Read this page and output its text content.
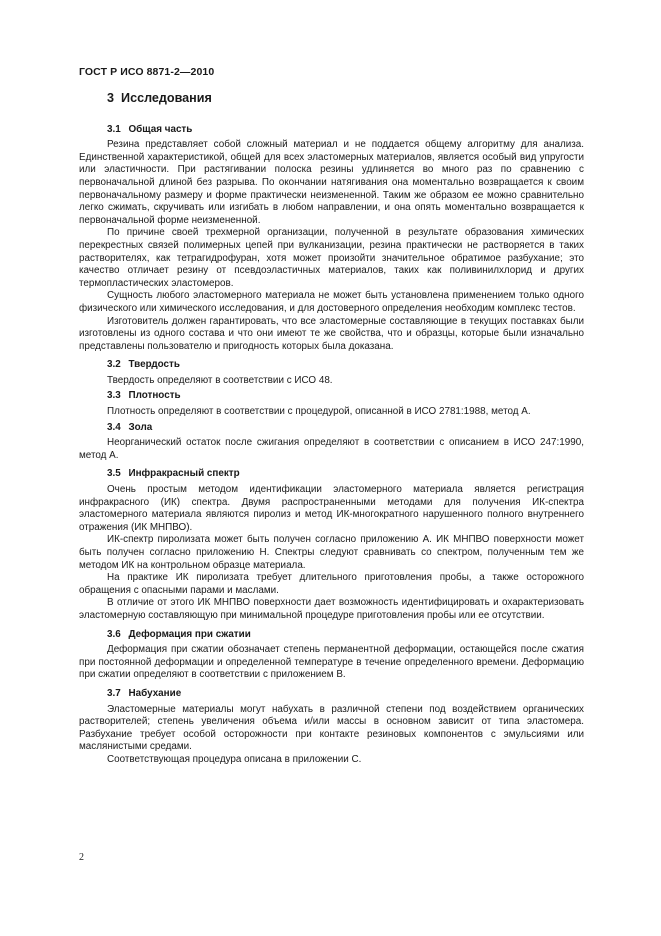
ГОСТ Р ИСО 8871-2—2010
3 Исследования
3.1 Общая часть

Резина представляет собой сложный материал и не поддается общему алгоритму для анализа. Единственной характеристикой, общей для всех эластомерных материалов, является особый вид упругости или эластичности. При растягивании полоска резины удлиняется во много раз по сравнению с первоначальной длиной без разрыва. По окончании натягивания она моментально возвращается к своим первоначальному размеру и форме практически неизмененной. Таким же образом ее можно сравнительно легко сжимать, скручивать или изгибать в любом направлении, и она опять моментально возвращается к первоначальной форме неизмененной.

По причине своей трехмерной организации, полученной в результате образования химических перекрестных связей полимерных цепей при вулканизации, резина практически не растворяется в таких растворителях, как тетрагидрофуран, хотя может произойти значительное обратимое разбухание; это качество отличает резину от псевдоэластичных материалов, таких как поливинилхлорид и других термопластических эластомеров.

Сущность любого эластомерного материала не может быть установлена применением только одного физического или химического исследования, и для достоверного определения необходим комплекс тестов.

Изготовитель должен гарантировать, что все эластомерные составляющие в текущих поставках были изготовлены из одного состава и что они имеют те же свойства, что и образцы, которые были изначально представлены пользователю и пригодность которых была доказана.

3.2 Твердость

Твердость определяют в соответствии с ИСО 48.

3.3 Плотность

Плотность определяют в соответствии с процедурой, описанной в ИСО 2781:1988, метод А.

3.4 Зола

Неорганический остаток после сжигания определяют в соответствии с описанием в ИСО 247:1990, метод А.

3.5 Инфракрасный спектр

Очень простым методом идентификации эластомерного материала является регистрация инфракрасного (ИК) спектра. Двумя распространенными методами для получения ИК-спектра эластомерного материала являются пиролиз и метод ИК-многократного нарушенного полного внутреннего отражения (ИК МНПВО).

ИК-спектр пиролизата может быть получен согласно приложению А. ИК МНПВО поверхности может быть получен согласно приложению Н. Спектры следуют сравнивать со спектром, полученным тем же методом ИК на контрольном образце материала.

На практике ИК пиролизата требует длительного приготовления пробы, а также осторожного обращения с опасными парами и маслами.

В отличие от этого ИК МНПВО поверхности дает возможность идентифицировать и охарактеризовать эластомерную составляющую при минимальной процедуре приготовления пробы или ее отсутствии.

3.6 Деформация при сжатии

Деформация при сжатии обозначает степень перманентной деформации, остающейся после сжатия при постоянной деформации и определенной температуре в течение определенного времени. Деформацию при сжатии определяют в соответствии с приложением В.

3.7 Набухание

Эластомерные материалы могут набухать в различной степени под воздействием органических растворителей; степень увеличения объема и/или массы в основном зависит от типа эластомера. Разбухание требует особой осторожности при контакте резиновых компонентов с эмульсиями или маслянистыми средами.

Соответствующая процедура описана в приложении С.

2
